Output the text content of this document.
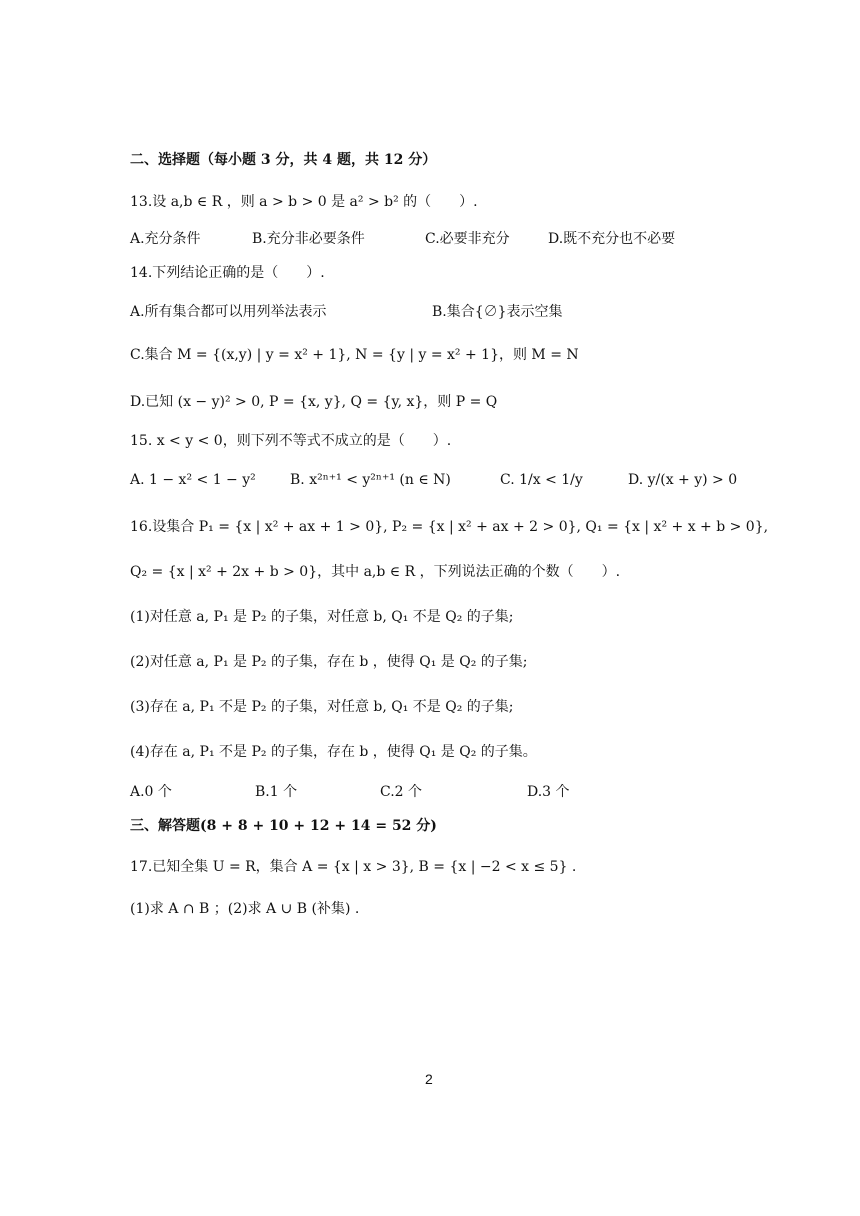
二、选择题（每小题 3 分，共 4 题，共 12 分）
13.设 a,b ∈ R ，则 a > b > 0 是 a² > b² 的（　　）.
A.充分条件	B.充分非必要条件	C.必要非充分	D.既不充分也不必要
14.下列结论正确的是（　　）.
A.所有集合都可以用列举法表示	B.集合{∅}表示空集
C.集合 M = {(x,y) | y = x² + 1}, N = {y | y = x² + 1}，则 M = N
D.已知 (x − y)² > 0, P = {x, y}, Q = {y, x}，则 P = Q
15. x < y < 0，则下列不等式不成立的是（　　）.
A. 1 − x² < 1 − y² B. x²ⁿ⁺¹ < y²ⁿ⁺¹ (n ∈ N)	C. 1/x < 1/y	D. y/(x + y) > 0
16.设集合 P₁ = {x | x² + ax + 1 > 0}, P₂ = {x | x² + ax + 2 > 0}, Q₁ = {x | x² + x + b > 0},
Q₂ = {x | x² + 2x + b > 0}，其中 a,b ∈ R ，下列说法正确的个数（　　）.
(1)对任意 a, P₁ 是 P₂ 的子集，对任意 b, Q₁ 不是 Q₂ 的子集;
(2)对任意 a, P₁ 是 P₂ 的子集，存在 b ，使得 Q₁ 是 Q₂ 的子集;
(3)存在 a, P₁ 不是 P₂ 的子集，对任意 b, Q₁ 不是 Q₂ 的子集;
(4)存在 a, P₁ 不是 P₂ 的子集，存在 b ，使得 Q₁ 是 Q₂ 的子集。
A.0 个	B.1 个	C.2 个	D.3 个
三、解答题(8 + 8 + 10 + 12 + 14 = 52 分)
17.已知全集 U = R，集合 A = {x | x > 3}, B = {x | −2 < x ≤ 5} .
(1)求 A ∩ B ；(2)求 A ∪ B (补集) .
2
